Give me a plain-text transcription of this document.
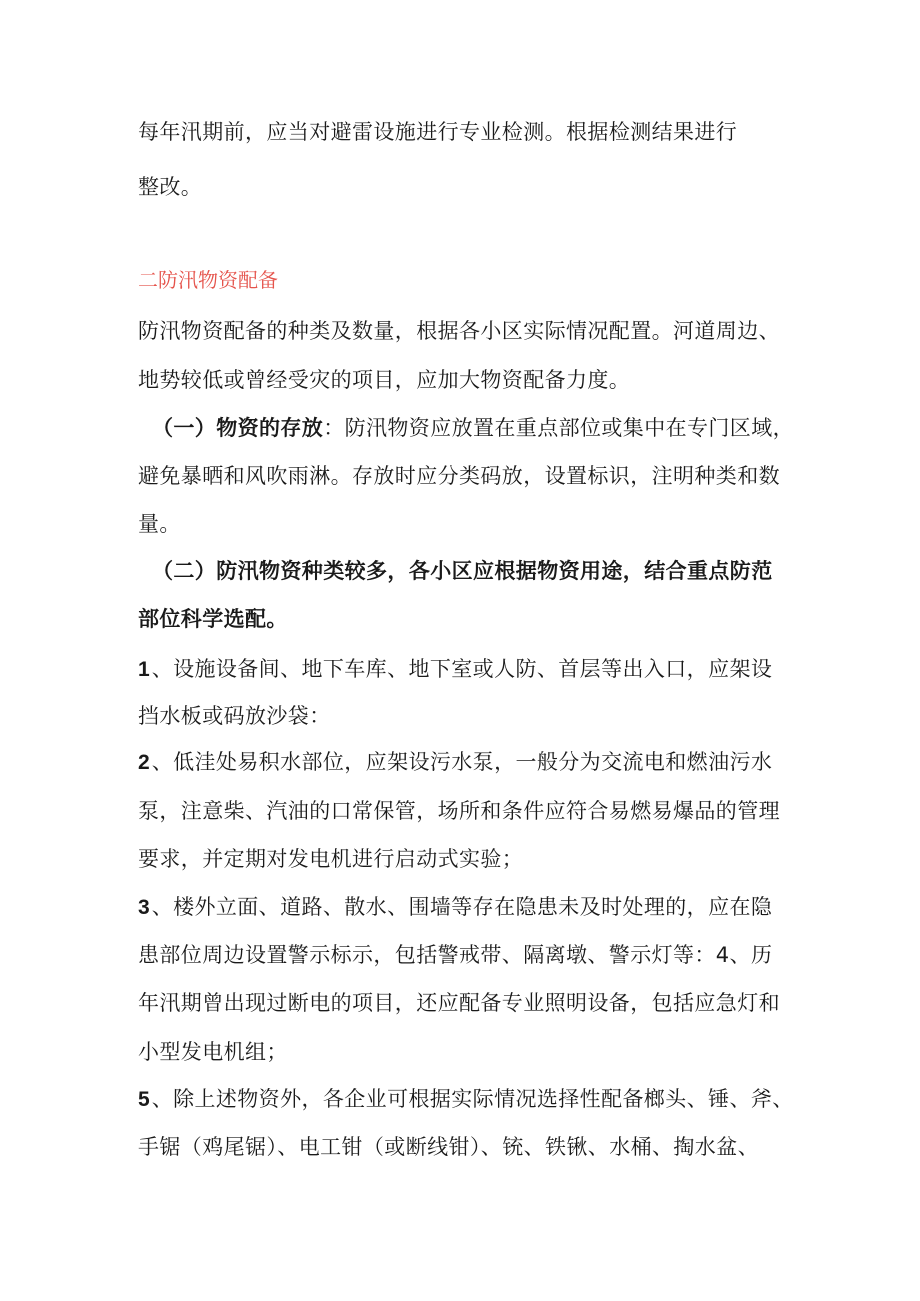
每年汛期前，应当对避雷设施进行专业检测。根据检测结果进行
整改。
二防汛物资配备
防汛物资配备的种类及数量，根据各小区实际情况配置。河道周边、
地势较低或曾经受灾的项目，应加大物资配备力度。
（一）物资的存放：防汛物资应放置在重点部位或集中在专门区域，
避免暴晒和风吹雨淋。存放时应分类码放，设置标识，注明种类和数
量。
（二）防汛物资种类较多，各小区应根据物资用途，结合重点防范
部位科学选配。
1、设施设备间、地下车库、地下室或人防、首层等出入口，应架设
挡水板或码放沙袋：
2、低洼处易积水部位，应架设污水泵，一般分为交流电和燃油污水
泵，注意柴、汽油的口常保管，场所和条件应符合易燃易爆品的管理
要求，并定期对发电机进行启动式实验；
3、楼外立面、道路、散水、围墙等存在隐患未及时处理的，应在隐
患部位周边设置警示标示，包括警戒带、隔离墩、警示灯等：4、历
年汛期曾出现过断电的项目，还应配备专业照明设备，包括应急灯和
小型发电机组；
5、除上述物资外，各企业可根据实际情况选择性配备榔头、锤、斧、
手锯（鸡尾锯）、电工钳（或断线钳）、铳、铁锹、水桶、掏水盆、
